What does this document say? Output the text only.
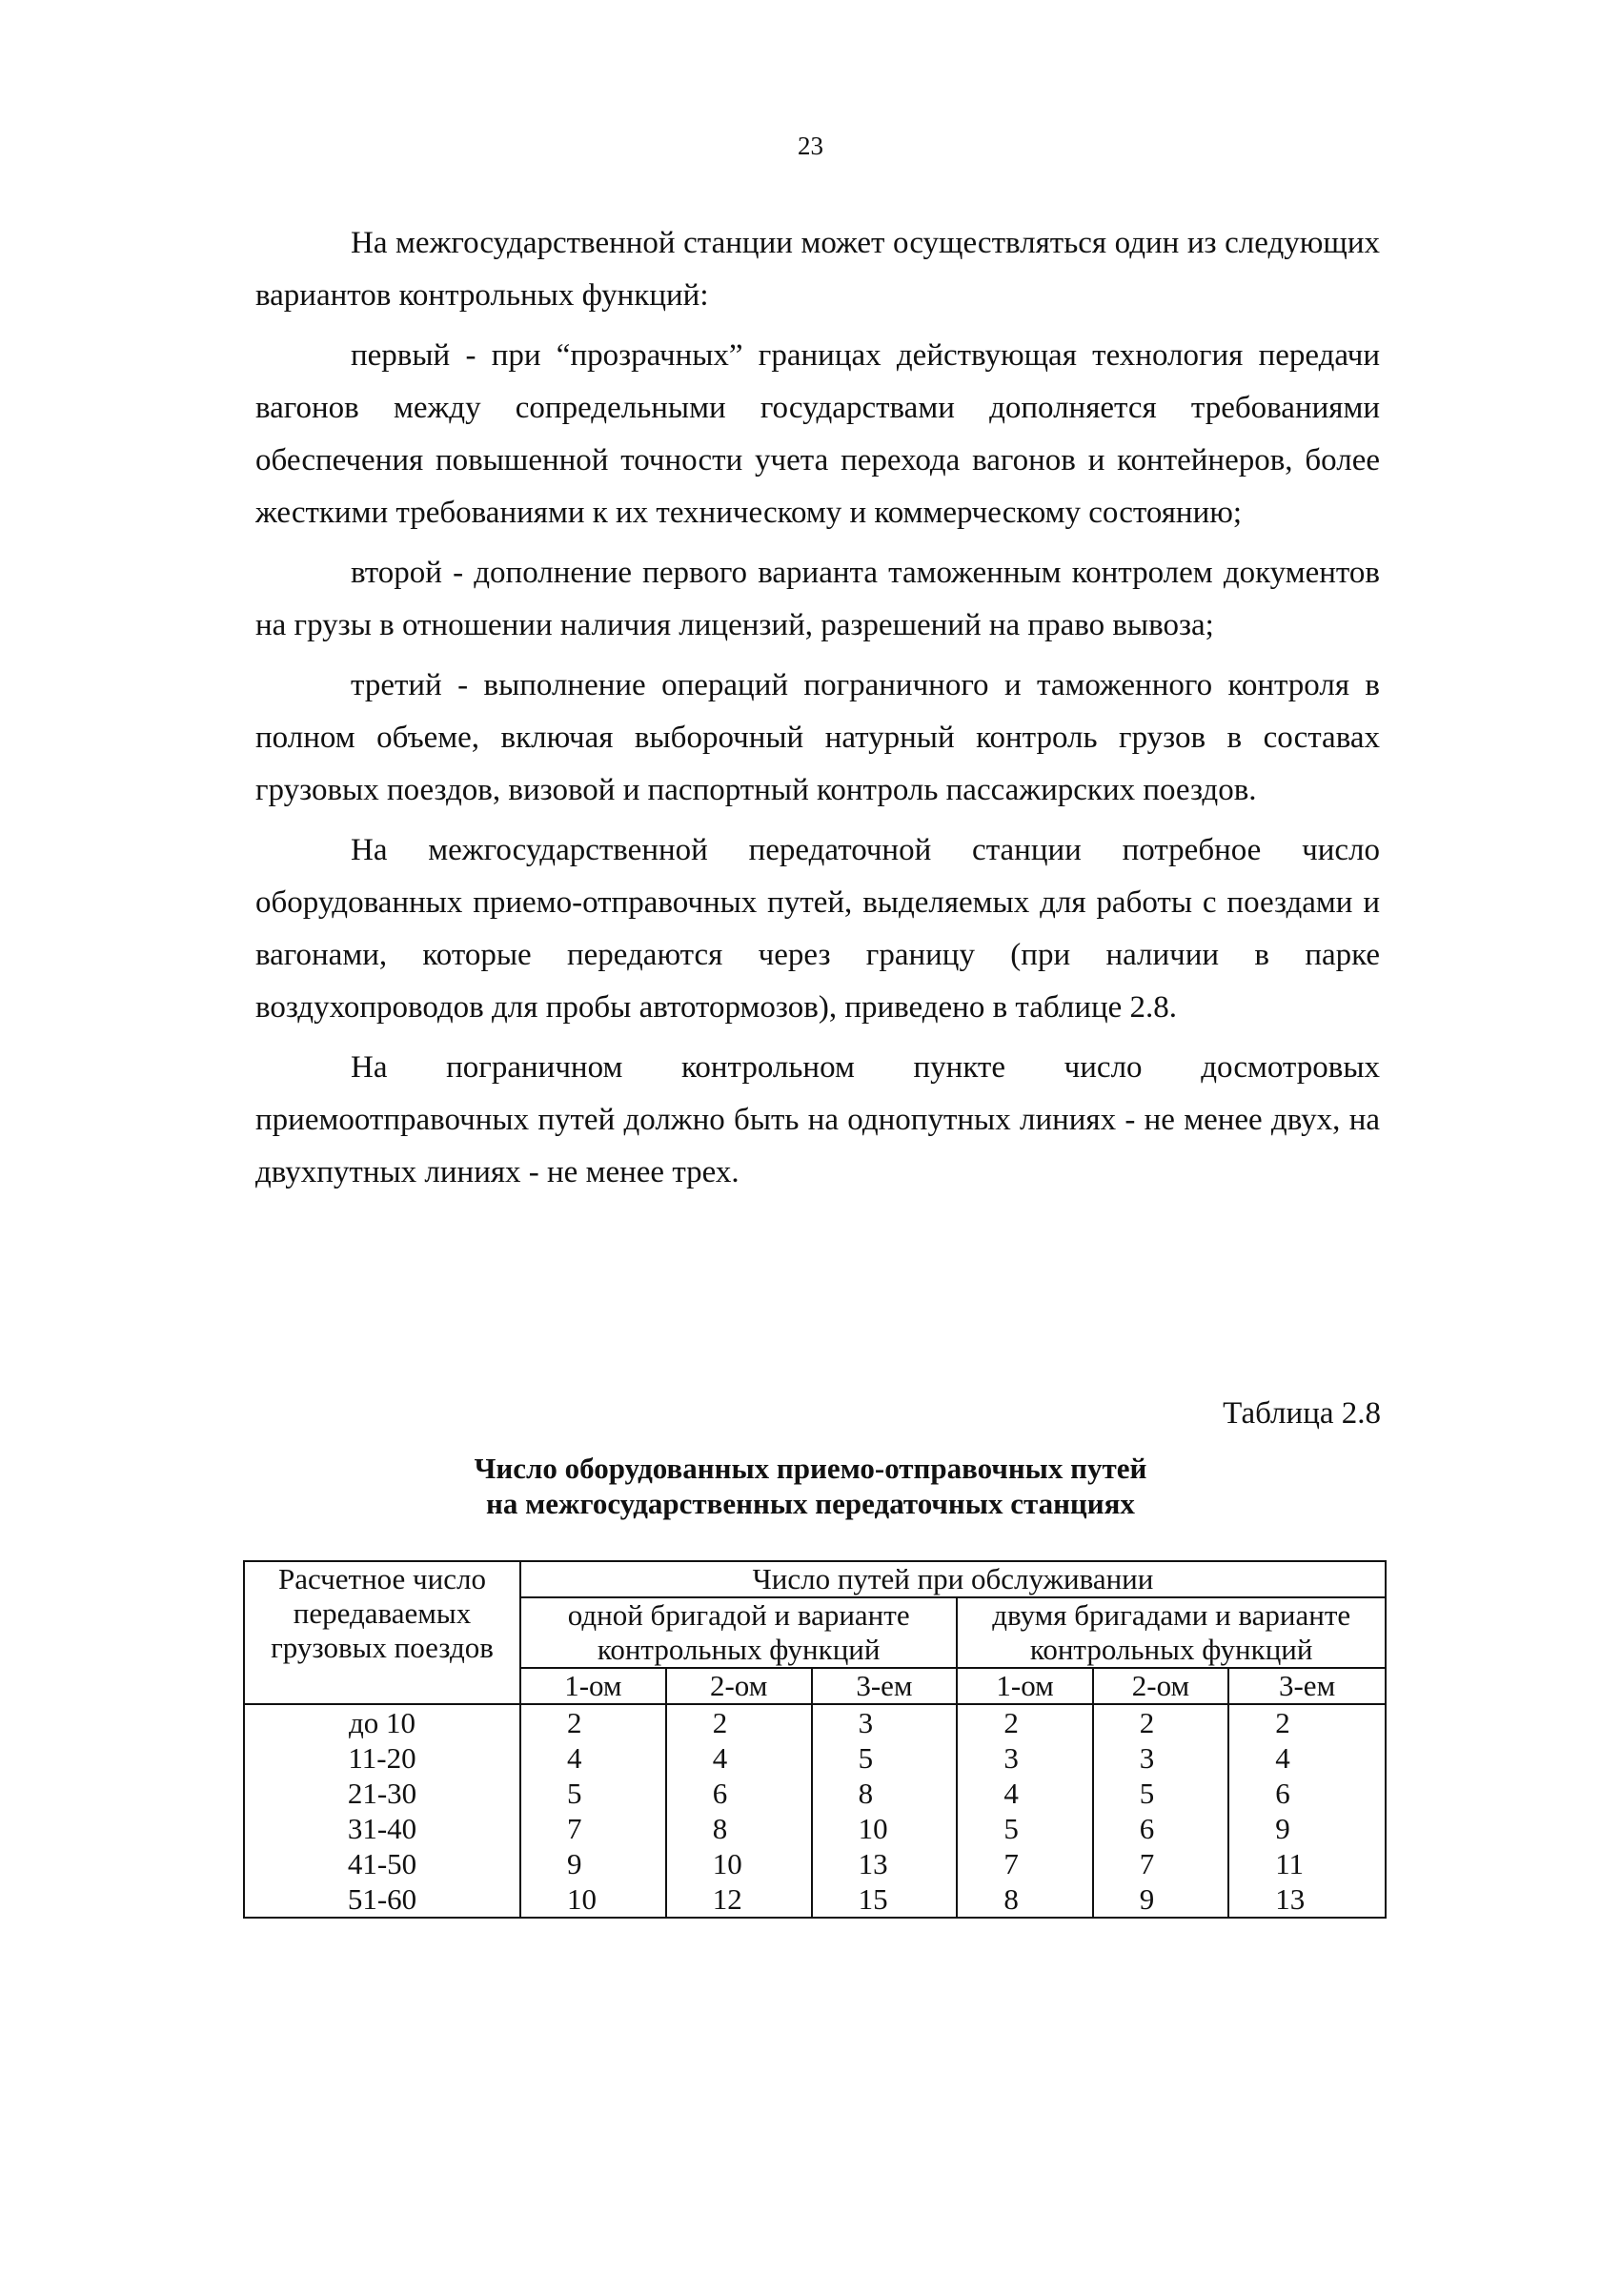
23

На межгосударственной станции может осуществляться один из следующих вариантов контрольных функций:

первый - при “прозрачных” границах действующая технология передачи вагонов между сопредельными государствами дополняется требованиями обеспечения повышенной точности учета перехода вагонов и контейнеров, более жесткими требованиями к их техническому и коммерческому состоянию;

второй - дополнение первого варианта таможенным контролем документов на грузы в отношении наличия лицензий, разрешений на право вывоза;

третий - выполнение операций пограничного и таможенного контроля в полном объеме, включая выборочный натурный контроль грузов в составах грузовых поездов, визовой и паспортный контроль пассажирских поездов.

На межгосударственной передаточной станции потребное число оборудованных приемо-отправочных путей, выделяемых для работы с поездами и вагонами, которые передаются через границу (при наличии в парке воздухопроводов для пробы автотормозов), приведено в таблице 2.8.

На пограничном контрольном пункте число досмотровых приемоотправочных путей должно быть на однопутных линиях - не менее двух, на двухпутных линиях - не менее трех.

Таблица 2.8
Число оборудованных приемо-отправочных путей
на межгосударственных передаточных станциях
Расчетное число передаваемых грузовых поездов	Число путей при обслуживании					
	одной бригадой и варианте контрольных функций			двумя бригадами и варианте контрольных функций		
	1-ом	2-ом	3-ем	1-ом	2-ом	3-ем
до 10	2	2	3	2	2	2
11-20	4	4	5	3	3	4
21-30	5	6	8	4	5	6
31-40	7	8	10	5	6	9
41-50	9	10	13	7	7	11
51-60	10	12	15	8	9	13
